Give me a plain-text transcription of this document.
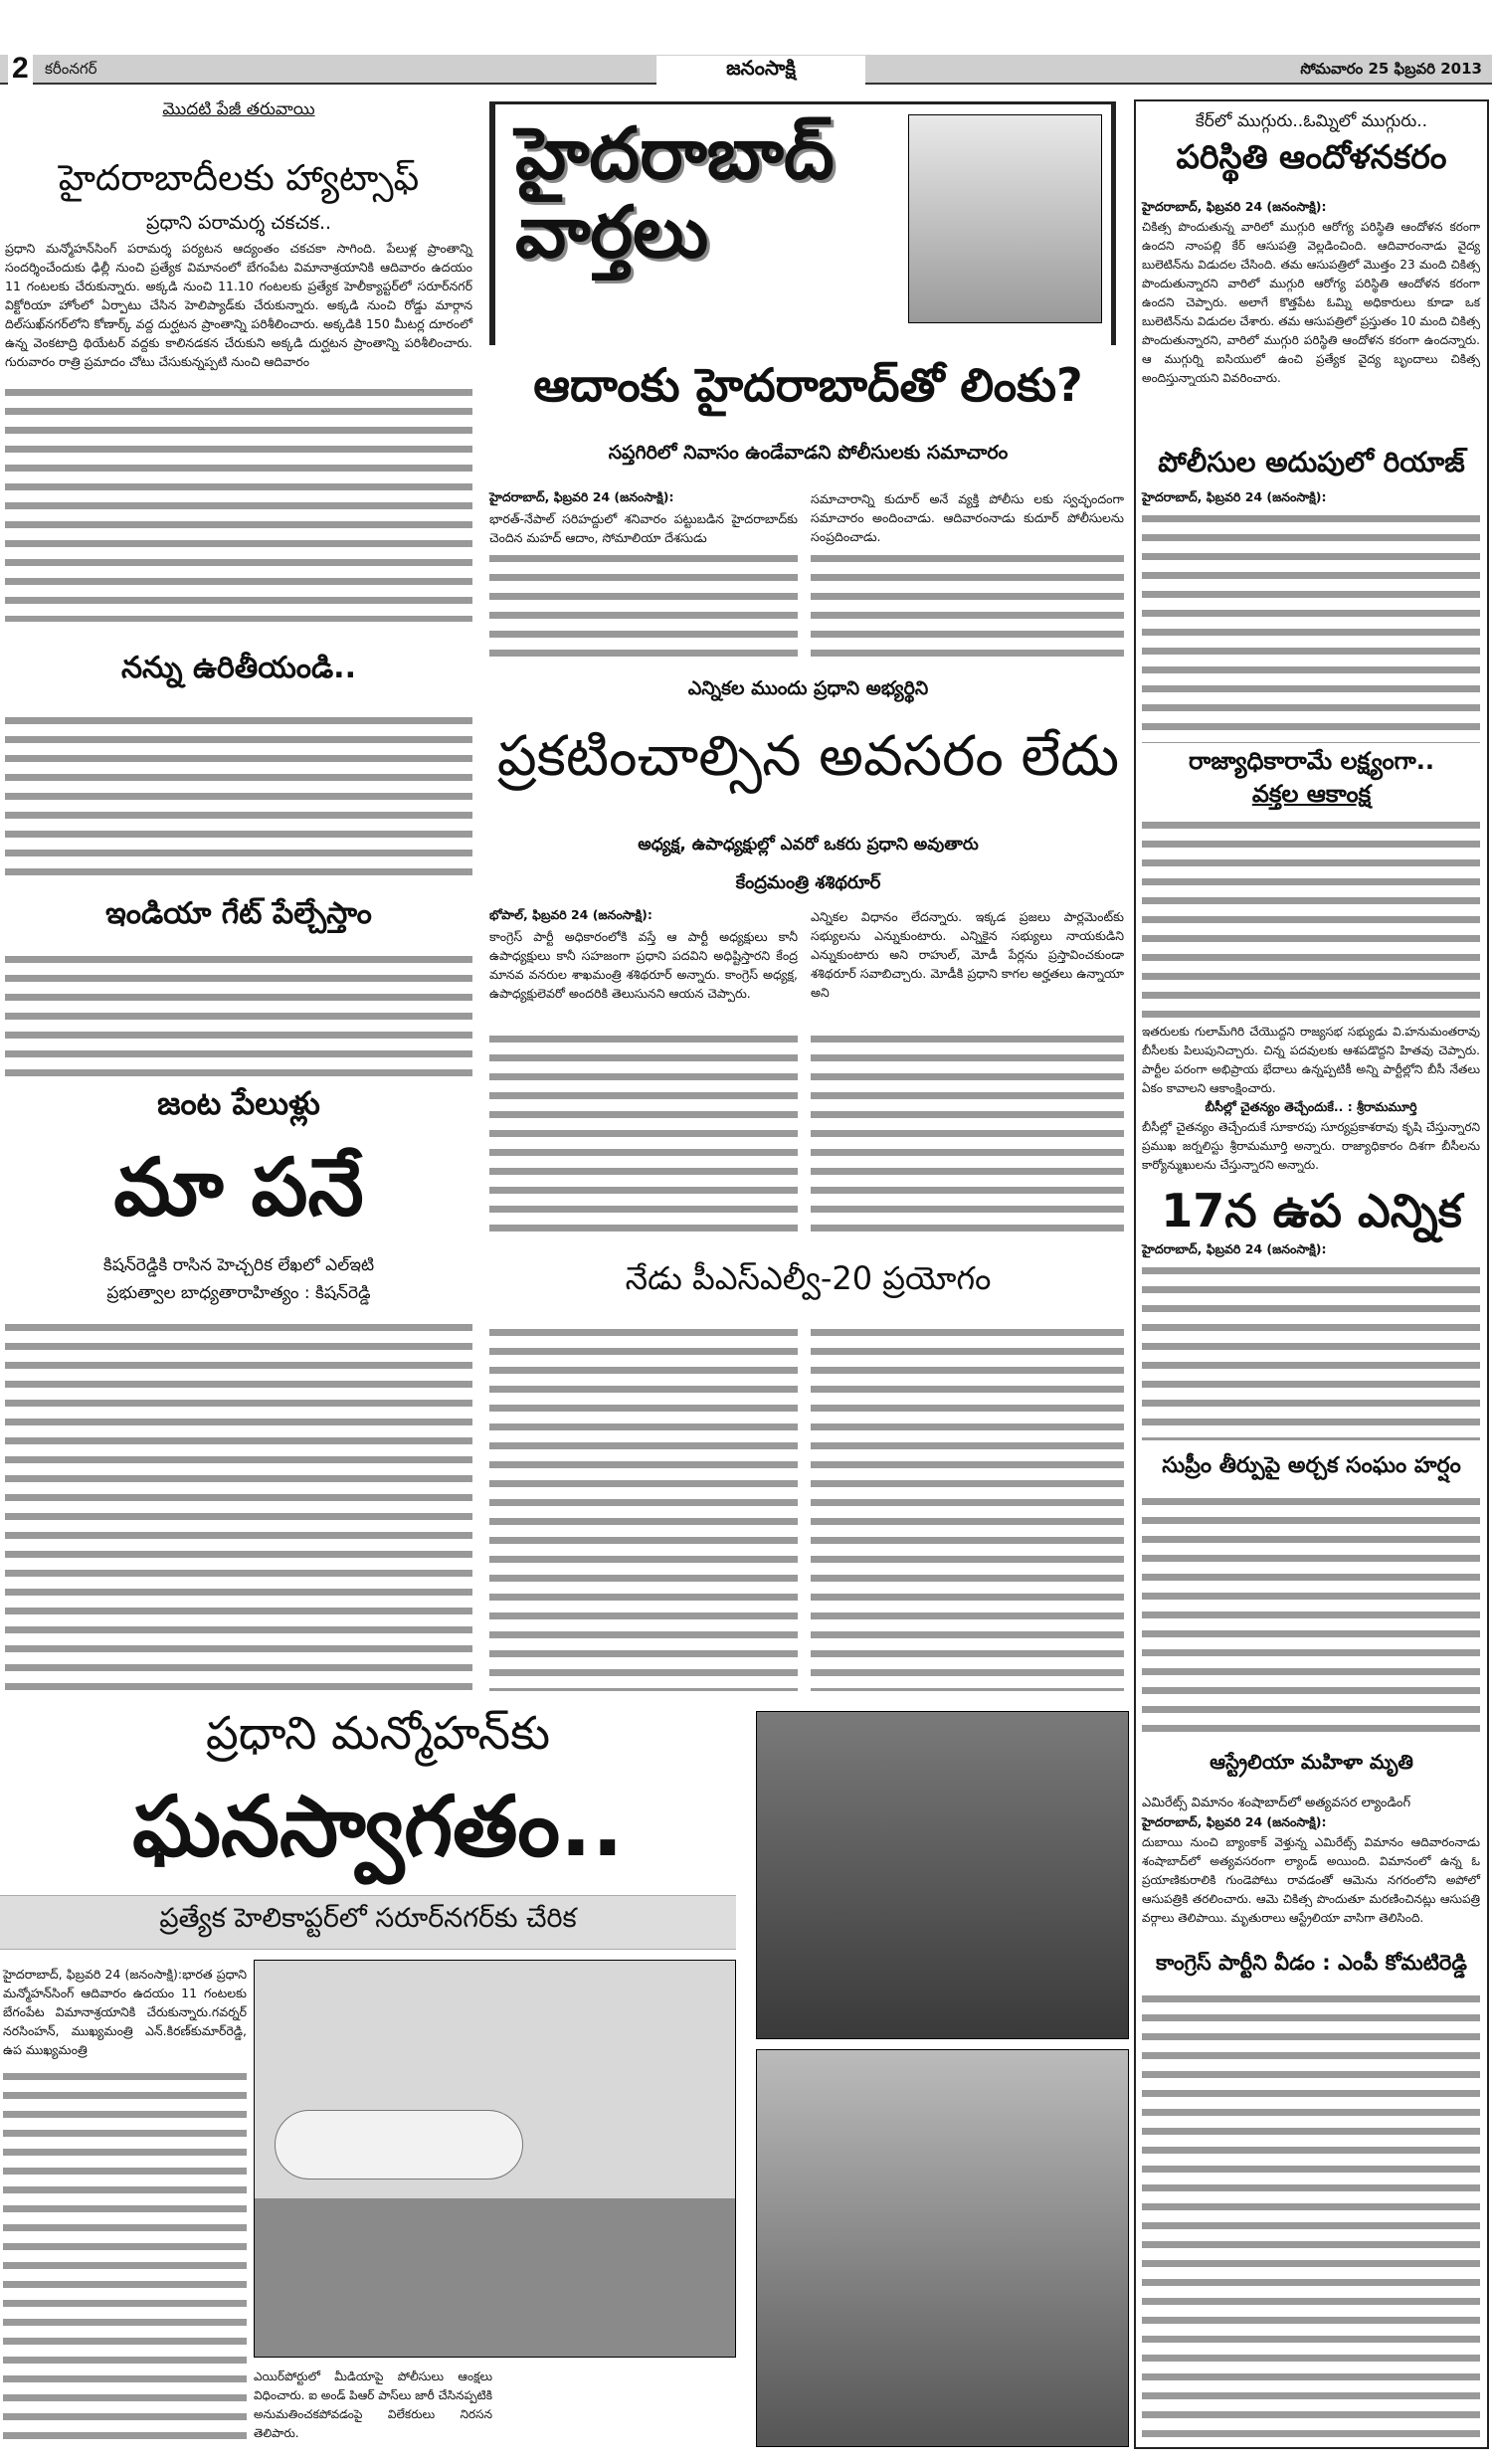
2 కరీంనగర్	జనంసాక్షి	సోమవారం 25 ఫిబ్రవరి 2013
మొదటి పేజీ తరువాయి
హైదరాబాదీలకు హ్యాట్సాఫ్
ప్రధాని పరామర్శ చకచక..
ప్రధాని మన్మోహన్‌సింగ్ పరామర్శ పర్యటన ఆద్యంతం చకచకా సాగింది. పేలుళ్ల ప్రాంతాన్ని సందర్శించేందుకు ఢిల్లీ నుంచి ప్రత్యేక విమానంలో బేగంపేట విమానాశ్రయానికి ఆదివారం ఉదయం 11 గంటలకు చేరుకున్నారు. అక్కడి నుంచి 11.10 గంటలకు ప్రత్యేక హెలీక్యాప్టర్‌లో సరూర్‌నగర్ విక్టోరియా హోంలో ఏర్పాటు చేసిన హెలిప్యాడ్‌కు చేరుకున్నారు. అక్కడి నుంచి రోడ్డు మార్గాన దిల్‌సుఖ్‌నగర్‌లోని కోణార్క్ వద్ద దుర్ఘటన ప్రాంతాన్ని పరిశీలించారు. అక్కడికి 150 మీటర్ల దూరంలో ఉన్న వెంకటాద్రి థియేటర్ వద్దకు కాలినడకన చేరుకుని అక్కడి దుర్ఘటన ప్రాంతాన్ని పరిశీలించారు. గురువారం రాత్రి ప్రమాదం చోటు చేసుకున్నప్పటి నుంచి ఆదివారం
నన్ను ఉరితీయండి..
ఇండియా గేట్ పేల్చేస్తాం
జంట పేలుళ్లు
మా పనే
కిషన్‌రెడ్డికి రాసిన హెచ్చరిక లేఖలో ఎల్ఇటి
ప్రభుత్వాల బాధ్యతారాహిత్యం : కిషన్‌రెడ్డి
హైదరాబాద్ వార్తలు
ఆదాంకు హైదరాబాద్‌తో లింకు?
సప్తగిరిలో నివాసం ఉండేవాడని పోలీసులకు సమాచారం
హైదరాబాద్, ఫిబ్రవరి 24 (జనంసాక్షి):
భారత్-నేపాల్ సరిహద్దులో శనివారం పట్టుబడిన హైదరాబాద్‌కు చెందిన మహద్ ఆదాం, సోమాలియా దేశసుడు
సమాచారాన్ని కుదూర్ అనే వ్యక్తి పోలీసు లకు స్వచ్ఛందంగా సమాచారం అందించాడు. ఆదివారంనాడు కుదూర్ పోలీసులను సంప్రదించాడు.
ఎన్నికల ముందు ప్రధాని అభ్యర్థిని
ప్రకటించాల్సిన అవసరం లేదు
అధ్యక్ష, ఉపాధ్యక్షుల్లో ఎవరో ఒకరు ప్రధాని అవుతారు
కేంద్రమంత్రి శశిథరూర్
భోపాల్, ఫిబ్రవరి 24 (జనంసాక్షి):
కాంగ్రెస్ పార్టీ అధికారంలోకి వస్తే ఆ పార్టీ అధ్యక్షులు కానీ ఉపాధ్యక్షులు కానీ సహజంగా ప్రధాని పదవిని అధిష్టిస్తారని కేంద్ర మానవ వనరుల శాఖమంత్రి శశిథరూర్ అన్నారు. కాంగ్రెస్ అధ్యక్ష, ఉపాధ్యక్షులెవరో అందరికి తెలుసునని ఆయన చెప్పారు.
ఎన్నికల విధానం లేదన్నారు. ఇక్కడ ప్రజలు పార్లమెంట్‌కు సభ్యులను ఎన్నుకుంటారు. ఎన్నికైన సభ్యులు నాయకుడిని ఎన్నుకుంటారు అని రాహుల్, మోడీ పేర్లను ప్రస్తావించకుండా శశిథరూర్ సవాబిచ్చారు. మోడీకి ప్రధాని కాగల అర్హతలు ఉన్నాయా అని
నేడు పీఎస్ఎల్వీ-20 ప్రయోగం
కేర్‌లో ముగ్గురు..ఓమ్నిలో ముగ్గురు..
పరిస్థితి ఆందోళనకరం
హైదరాబాద్, ఫిబ్రవరి 24 (జనంసాక్షి):
చికిత్స పొందుతున్న వారిలో ముగ్గురి ఆరోగ్య పరిస్థితి ఆందోళన కరంగా ఉందని నాంపల్లి కేర్ ఆసుపత్రి వెల్లడించింది. ఆదివారంనాడు వైద్య బులెటిన్‌ను విడుదల చేసింది. తమ ఆసుపత్రిలో మొత్తం 23 మంది చికిత్స పొందుతున్నారని వారిలో ముగ్గురి ఆరోగ్య పరిస్థితి ఆందోళన కరంగా ఉందని చెప్పారు. అలాగే కొత్తపేట ఓమ్ని అధికారులు కూడా ఒక బులెటిన్‌ను విడుదల చేశారు. తమ ఆసుపత్రిలో ప్రస్తుతం 10 మంది చికిత్స పొందుతున్నారని, వారిలో ముగ్గురి పరిస్థితి ఆందోళన కరంగా ఉందన్నారు. ఆ ముగ్గుర్ని ఐసియులో ఉంచి ప్రత్యేక వైద్య బృందాలు చికిత్స అందిస్తున్నాయని వివరించారు.
పోలీసుల అదుపులో రియాజ్
హైదరాబాద్, ఫిబ్రవరి 24 (జనంసాక్షి):
రాజ్యాధికారామే లక్ష్యంగా..
వక్తల ఆకాంక్ష
ఇతరులకు గులామ్‌గిరి చేయొద్దని రాజ్యసభ సభ్యుడు వి.హనుమంతరావు బీసీలకు పిలుపునిచ్చారు. చిన్న పదవులకు ఆశపడొద్దని హితవు చెప్పారు. పార్టీల పరంగా అభిప్రాయ భేదాలు ఉన్నప్పటికీ అన్ని పార్టీల్లోని బీసీ నేతలు ఏకం కావాలని ఆకాంక్షించారు.
బీసీల్లో చైతన్యం తెచ్చేందుకే.. : శ్రీరామమూర్తి
బీసీల్లో చైతన్యం తెచ్చేందుకే సూకారపు సూర్యప్రకాశరావు కృషి చేస్తున్నారని ప్రముఖ జర్నలిస్టు శ్రీరామమూర్తి అన్నారు. రాజ్యాధికారం దిశగా బీసీలను కార్యోన్ముఖులను చేస్తున్నారని అన్నారు.
17న ఉప ఎన్నిక
హైదరాబాద్, ఫిబ్రవరి 24 (జనంసాక్షి):
సుప్రీం తీర్పుపై అర్చక సంఘం హర్షం
ఆస్ట్రేలియా మహిళా మృతి
ఎమిరేట్స్ విమానం శంషాబాద్‌లో అత్యవసర ల్యాండింగ్
హైదరాబాద్, ఫిబ్రవరి 24 (జనంసాక్షి):
దుబాయి నుంచి బ్యాంకాక్ వెళ్తున్న ఎమిరేట్స్ విమానం ఆదివారంనాడు శంషాబాద్‌లో అత్యవసరంగా ల్యాండ్ అయింది. విమానంలో ఉన్న ఓ ప్రయాణికురాలికి గుండెపోటు రావడంతో ఆమెను నగరంలోని అపోలో ఆసుపత్రికి తరలించారు. ఆమె చికిత్స పొందుతూ మరణించినట్లు ఆసుపత్రి వర్గాలు తెలిపాయి. మృతురాలు ఆస్ట్రేలియా వాసిగా తెలిసింది.
కాంగ్రెస్ పార్టీని వీడం : ఎంపీ కోమటిరెడ్డి
ప్రధాని మన్మోహన్‌కు
ఘనస్వాగతం..
ప్రత్యేక హెలికాప్టర్‌లో సరూర్‌నగర్‌కు చేరిక
హైదరాబాద్, ఫిబ్రవరి 24 (జనంసాక్షి):భారత ప్రధాని మన్మోహన్‌సింగ్ ఆదివారం ఉదయం 11 గంటలకు బేగంపేట విమానాశ్రయానికి చేరుకున్నారు.గవర్నర్ నరసింహన్, ముఖ్యమంత్రి ఎన్.కిరణ్‌కుమార్‌రెడ్డి, ఉప ముఖ్యమంత్రి
ఎయిర్‌పోర్టులో మీడియాపై పోలీసులు ఆంక్షలు విధించారు. ఐ అండ్ పిఆర్ పాస్‌లు జారీ చేసినప్పటికి అనుమతించకపోవడంపై విలేకరులు నిరసన తెలిపారు.
